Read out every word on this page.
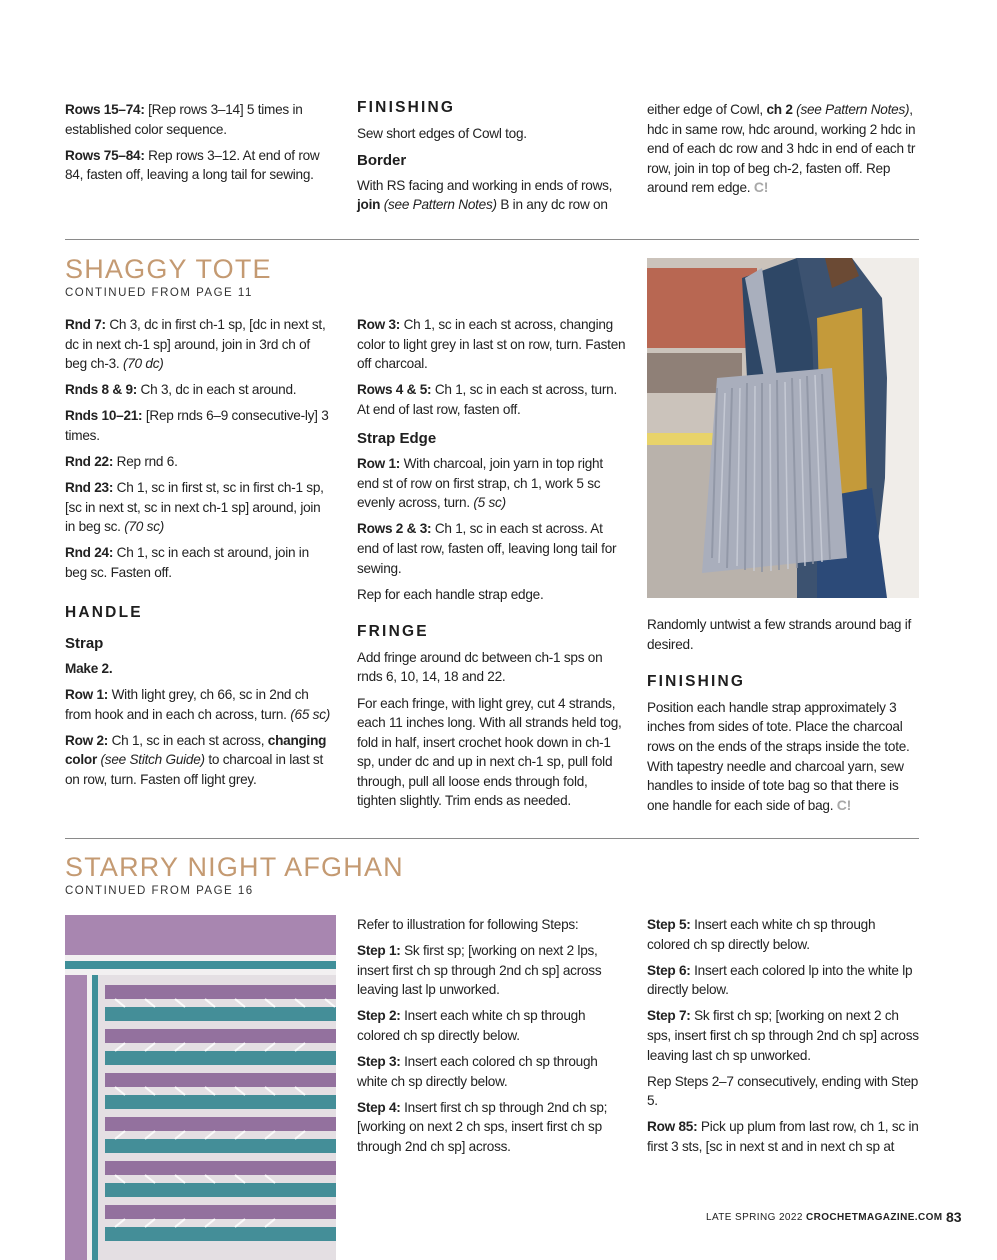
Rows 15–74: [Rep rows 3–14] 5 times in established color sequence.

Rows 75–84: Rep rows 3–12. At end of row 84, fasten off, leaving a long tail for sewing.

FINISHING

Sew short edges of Cowl tog.

Border

With RS facing and working in ends of rows, join (see Pattern Notes) B in any dc row on

either edge of Cowl, ch 2 (see Pattern Notes), hdc in same row, hdc around, working 2 hdc in end of each dc row and 3 hdc in end of each tr row, join in top of beg ch-2, fasten off. Rep around rem edge. C!

SHAGGY TOTE
CONTINUED FROM PAGE 11

Rnd 7: Ch 3, dc in first ch-1 sp, [dc in next st, dc in next ch-1 sp] around, join in 3rd ch of beg ch-3. (70 dc)

Rnds 8 & 9: Ch 3, dc in each st around.

Rnds 10–21: [Rep rnds 6–9 consecutive-ly] 3 times.

Rnd 22: Rep rnd 6.

Rnd 23: Ch 1, sc in first st, sc in first ch-1 sp, [sc in next st, sc in next ch-1 sp] around, join in beg sc. (70 sc)

Rnd 24: Ch 1, sc in each st around, join in beg sc. Fasten off.

HANDLE
Strap

Make 2.

Row 1: With light grey, ch 66, sc in 2nd ch from hook and in each ch across, turn. (65 sc)

Row 2: Ch 1, sc in each st across, changing color (see Stitch Guide) to charcoal in last st on row, turn. Fasten off light grey.

Row 3: Ch 1, sc in each st across, changing color to light grey in last st on row, turn. Fasten off charcoal.

Rows 4 & 5: Ch 1, sc in each st across, turn. At end of last row, fasten off.

Strap Edge

Row 1: With charcoal, join yarn in top right end st of row on first strap, ch 1, work 5 sc evenly across, turn. (5 sc)

Rows 2 & 3: Ch 1, sc in each st across. At end of last row, fasten off, leaving long tail for sewing.

Rep for each handle strap edge.

FRINGE

Add fringe around dc between ch-1 sps on rnds 6, 10, 14, 18 and 22.

For each fringe, with light grey, cut 4 strands, each 11 inches long. With all strands held tog, fold in half, insert crochet hook down in ch-1 sp, under dc and up in next ch-1 sp, pull fold through, pull all loose ends through fold, tighten slightly. Trim ends as needed.

Randomly untwist a few strands around bag if desired.

FINISHING

Position each handle strap approximately 3 inches from sides of tote. Place the charcoal rows on the ends of the straps inside the tote. With tapestry needle and charcoal yarn, sew handles to inside of tote bag so that there is one handle for each side of bag. C!

STARRY NIGHT AFGHAN
CONTINUED FROM PAGE 16

Refer to illustration for following Steps:

Step 1: Sk first sp; [working on next 2 lps, insert first ch sp through 2nd ch sp] across leaving last lp unworked.

Step 2: Insert each white ch sp through colored ch sp directly below.

Step 3: Insert each colored ch sp through white ch sp directly below.

Step 4: Insert first ch sp through 2nd ch sp; [working on next 2 ch sps, insert first ch sp through 2nd ch sp] across.

Step 5: Insert each white ch sp through colored ch sp directly below.

Step 6: Insert each colored lp into the white lp directly below.

Step 7: Sk first ch sp; [working on next 2 ch sps, insert first ch sp through 2nd ch sp] across leaving last ch sp unworked.

Rep Steps 2–7 consecutively, ending with Step 5.

Row 85: Pick up plum from last row, ch 1, sc in first 3 sts, [sc in next st and in next ch sp at

LATE SPRING 2022 CROCHETMAGAZINE.COM 83
